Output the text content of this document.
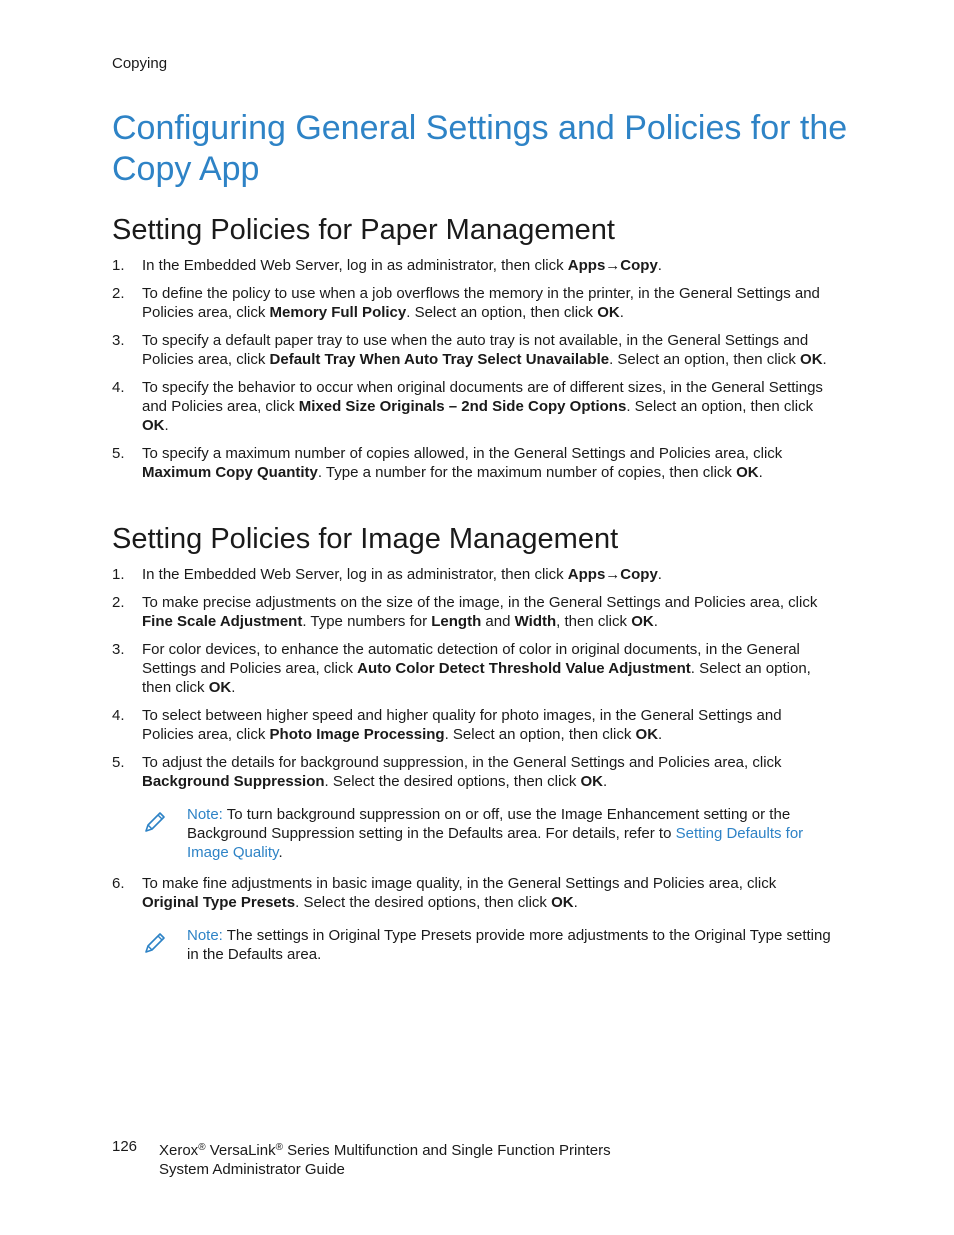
Copying
Configuring General Settings and Policies for the Copy App
Setting Policies for Paper Management
1. In the Embedded Web Server, log in as administrator, then click Apps→Copy.
2. To define the policy to use when a job overflows the memory in the printer, in the General Settings and Policies area, click Memory Full Policy. Select an option, then click OK.
3. To specify a default paper tray to use when the auto tray is not available, in the General Settings and Policies area, click Default Tray When Auto Tray Select Unavailable. Select an option, then click OK.
4. To specify the behavior to occur when original documents are of different sizes, in the General Settings and Policies area, click Mixed Size Originals – 2nd Side Copy Options. Select an option, then click OK.
5. To specify a maximum number of copies allowed, in the General Settings and Policies area, click Maximum Copy Quantity. Type a number for the maximum number of copies, then click OK.
Setting Policies for Image Management
1. In the Embedded Web Server, log in as administrator, then click Apps→Copy.
2. To make precise adjustments on the size of the image, in the General Settings and Policies area, click Fine Scale Adjustment. Type numbers for Length and Width, then click OK.
3. For color devices, to enhance the automatic detection of color in original documents, in the General Settings and Policies area, click Auto Color Detect Threshold Value Adjustment. Select an option, then click OK.
4. To select between higher speed and higher quality for photo images, in the General Settings and Policies area, click Photo Image Processing. Select an option, then click OK.
5. To adjust the details for background suppression, in the General Settings and Policies area, click Background Suppression. Select the desired options, then click OK.
Note: To turn background suppression on or off, use the Image Enhancement setting or the Background Suppression setting in the Defaults area. For details, refer to Setting Defaults for Image Quality.
6. To make fine adjustments in basic image quality, in the General Settings and Policies area, click Original Type Presets. Select the desired options, then click OK.
Note: The settings in Original Type Presets provide more adjustments to the Original Type setting in the Defaults area.
126 Xerox® VersaLink® Series Multifunction and Single Function Printers
System Administrator Guide
